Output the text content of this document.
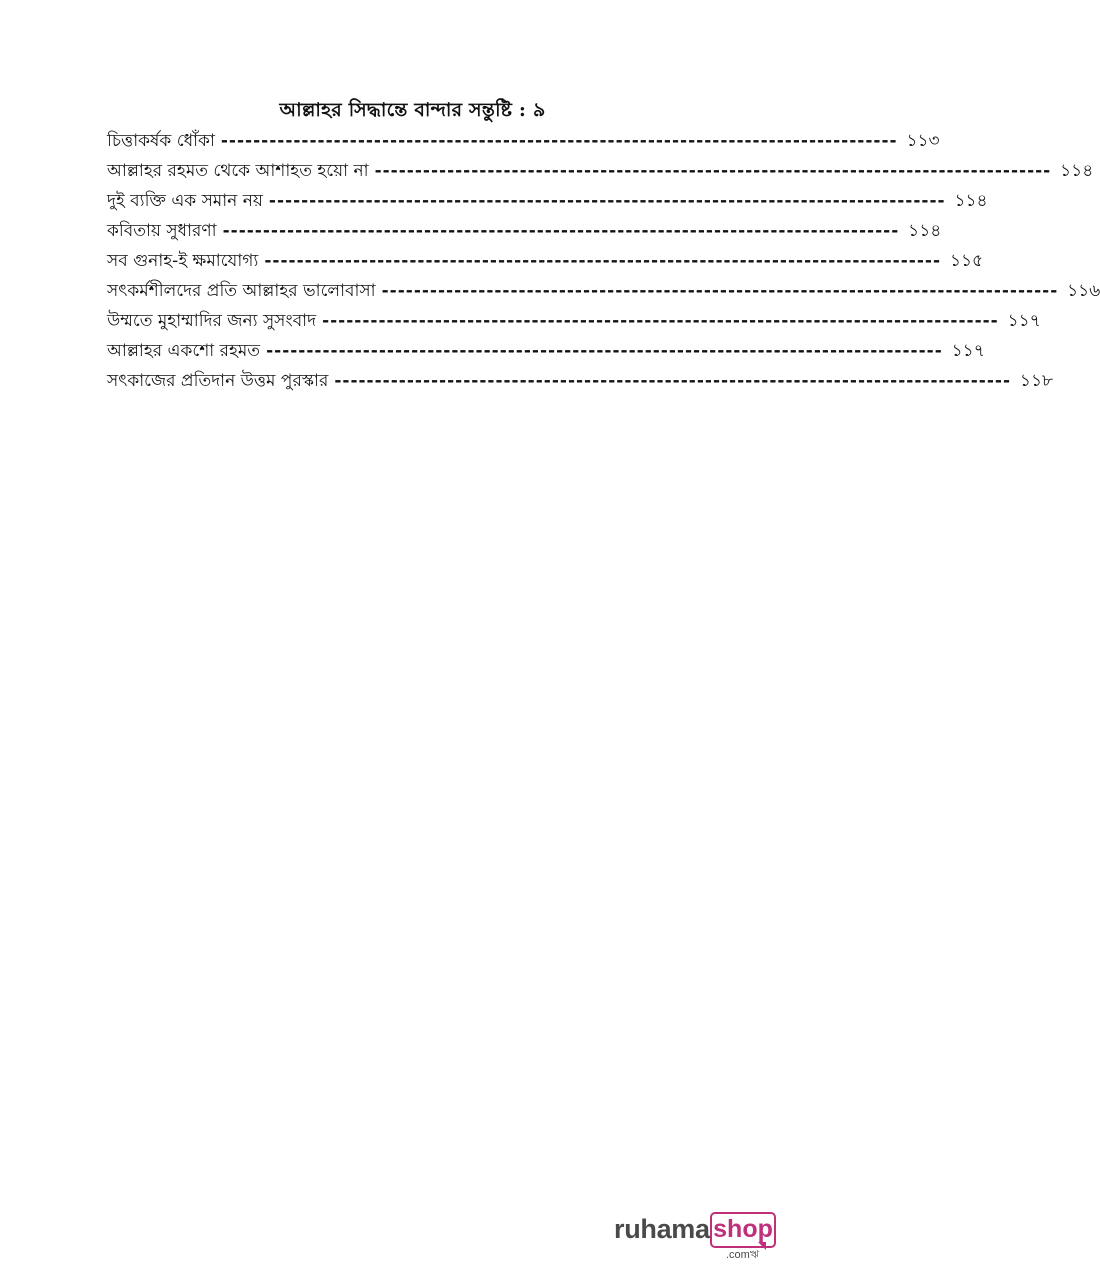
আল্লাহর সিদ্ধান্তে বান্দার সন্তুষ্টি : ৯
চিত্তাকর্ষক ধোঁকা ------------------------------------------------------------------------------------ ১১৩
আল্লাহর রহমত থেকে আশাহত হয়ো না ------------------------------------------------------------------------------------ ১১৪
দুই ব্যক্তি এক সমান নয় ------------------------------------------------------------------------------------ ১১৪
কবিতায় সুধারণা ------------------------------------------------------------------------------------ ১১৪
সব গুনাহ-ই ক্ষমাযোগ্য ------------------------------------------------------------------------------------ ১১৫
সৎকর্মশীলদের প্রতি আল্লাহর ভালোবাসা ------------------------------------------------------------------------------------ ১১৬
উম্মতে মুহাম্মাদির জন্য সুসংবাদ ------------------------------------------------------------------------------------ ১১৭
আল্লাহর একশো রহমত ------------------------------------------------------------------------------------ ১১৭
সৎকাজের প্রতিদান উত্তম পুরস্কার ------------------------------------------------------------------------------------ ১১৮
ruhama shop
.comঋ
